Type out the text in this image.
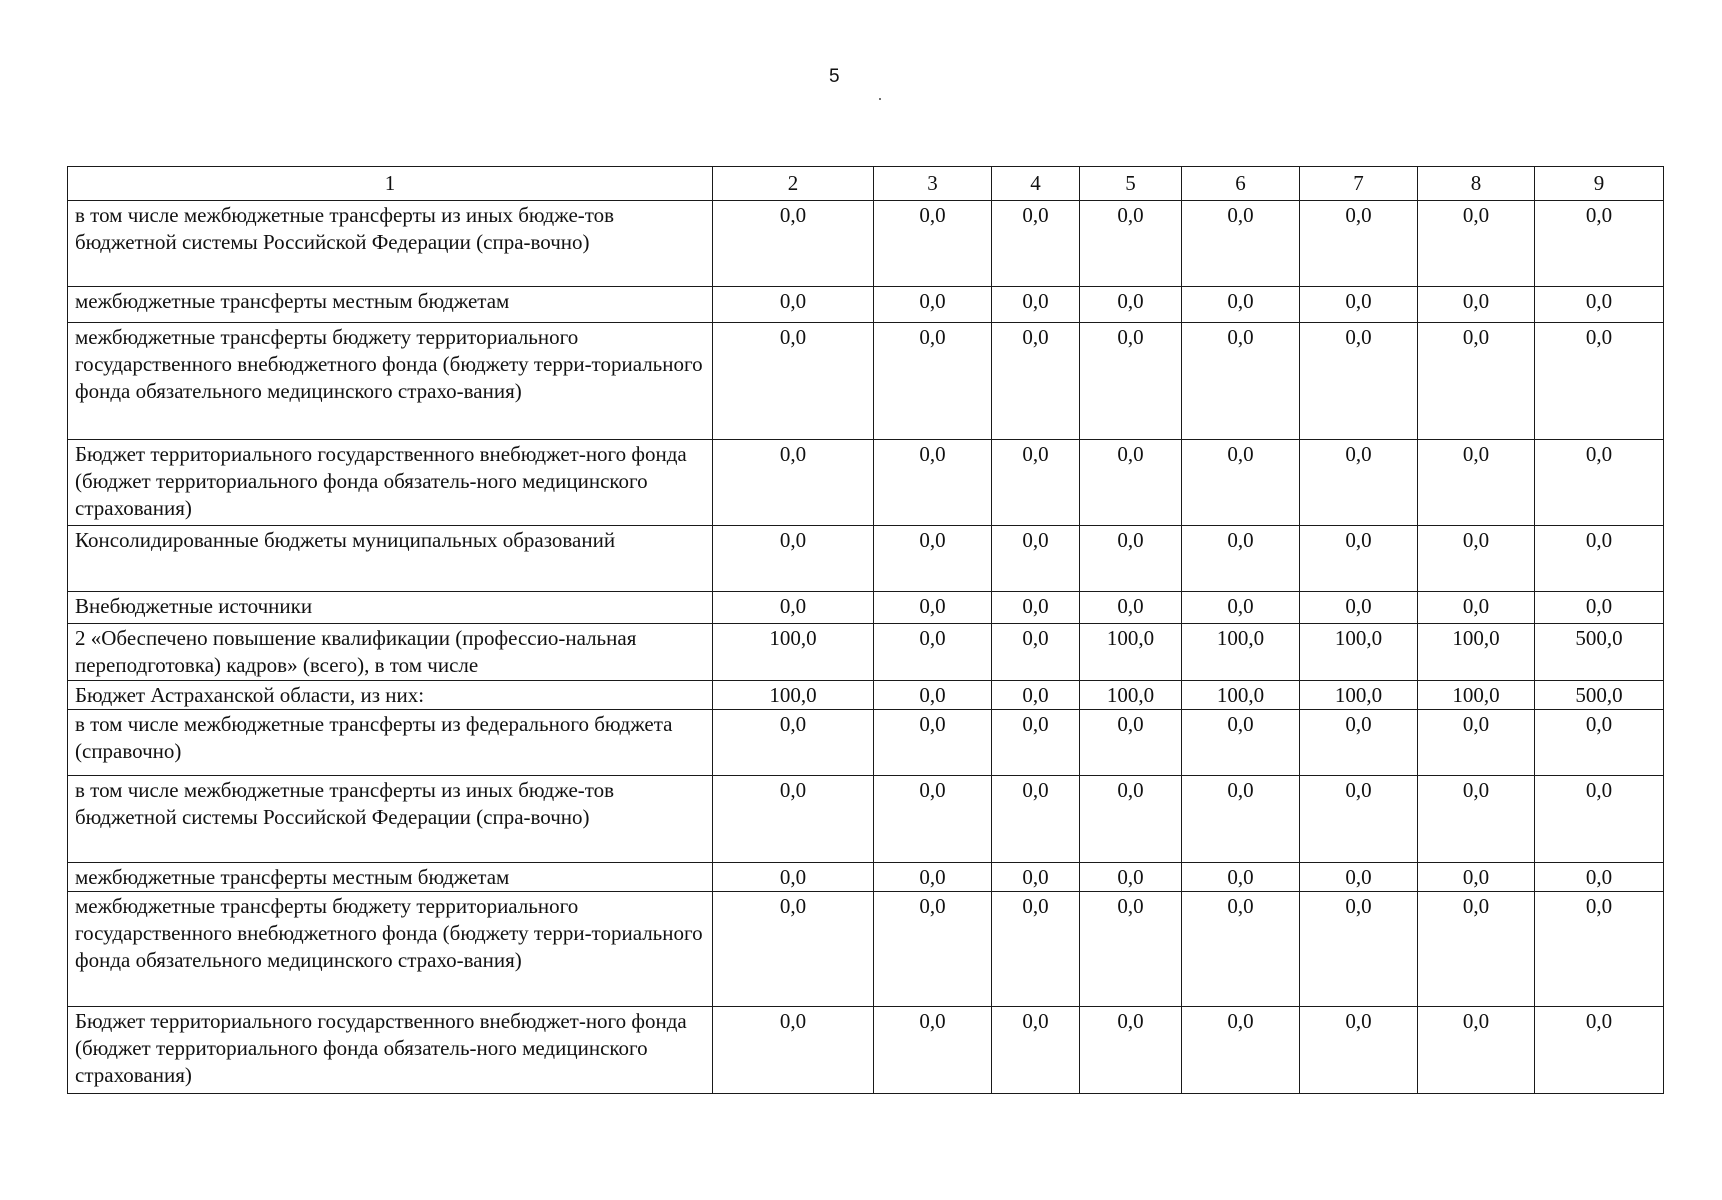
5
1	2	3	4	5	6	7	8	9
в том числе межбюджетные трансферты из иных бюдже-тов бюджетной системы Российской Федерации (спра-вочно)	0,0	0,0	0,0	0,0	0,0	0,0	0,0	0,0
межбюджетные трансферты местным бюджетам	0,0	0,0	0,0	0,0	0,0	0,0	0,0	0,0
межбюджетные трансферты бюджету территориального государственного внебюджетного фонда (бюджету терри-ториального фонда обязательного медицинского страхо-вания)	0,0	0,0	0,0	0,0	0,0	0,0	0,0	0,0
Бюджет территориального государственного внебюджет-ного фонда (бюджет территориального фонда обязатель-ного медицинского страхования)	0,0	0,0	0,0	0,0	0,0	0,0	0,0	0,0
Консолидированные бюджеты муниципальных образований	0,0	0,0	0,0	0,0	0,0	0,0	0,0	0,0
Внебюджетные источники	0,0	0,0	0,0	0,0	0,0	0,0	0,0	0,0
2 «Обеспечено повышение квалификации (профессио-нальная переподготовка) кадров» (всего), в том числе	100,0	0,0	0,0	100,0	100,0	100,0	100,0	500,0
Бюджет Астраханской области, из них:	100,0	0,0	0,0	100,0	100,0	100,0	100,0	500,0
в том числе межбюджетные трансферты из федерального бюджета (справочно)	0,0	0,0	0,0	0,0	0,0	0,0	0,0	0,0
в том числе межбюджетные трансферты из иных бюдже-тов бюджетной системы Российской Федерации (спра-вочно)	0,0	0,0	0,0	0,0	0,0	0,0	0,0	0,0
межбюджетные трансферты местным бюджетам	0,0	0,0	0,0	0,0	0,0	0,0	0,0	0,0
межбюджетные трансферты бюджету территориального государственного внебюджетного фонда (бюджету терри-ториального фонда обязательного медицинского страхо-вания)	0,0	0,0	0,0	0,0	0,0	0,0	0,0	0,0
Бюджет территориального государственного внебюджет-ного фонда (бюджет территориального фонда обязатель-ного медицинского страхования)	0,0	0,0	0,0	0,0	0,0	0,0	0,0	0,0
